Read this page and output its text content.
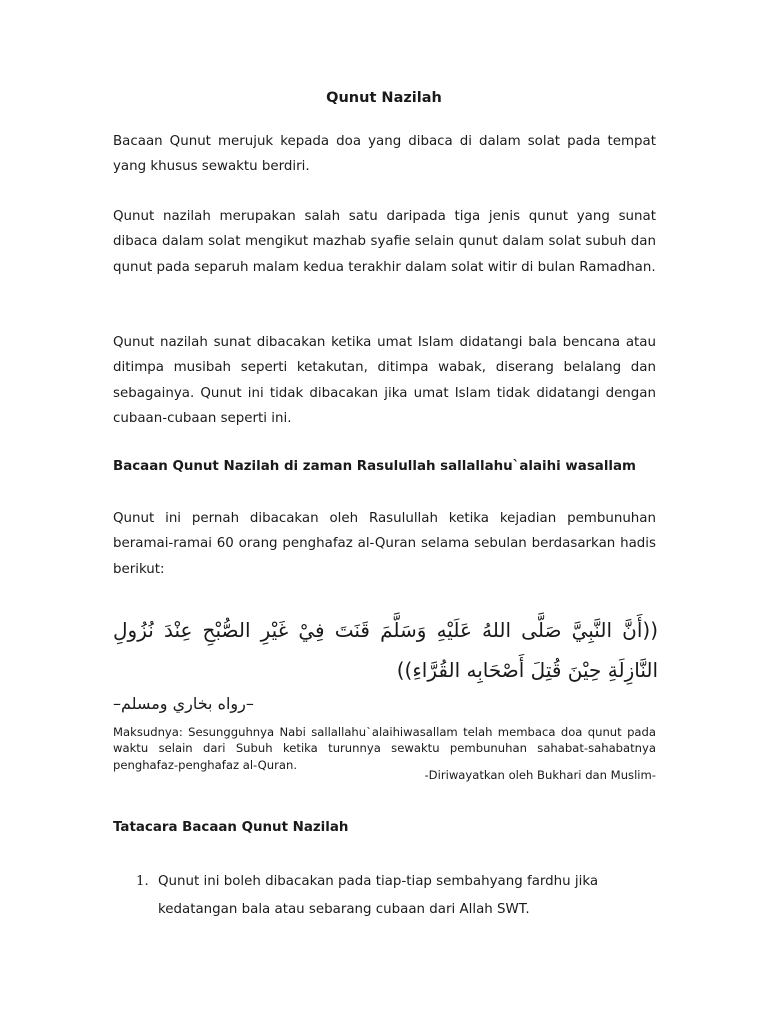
Qunut Nazilah

Bacaan Qunut merujuk kepada doa yang dibaca di dalam solat pada tempat yang khusus sewaktu berdiri.

Qunut nazilah merupakan salah satu daripada tiga jenis qunut yang sunat dibaca dalam solat mengikut mazhab syafie selain qunut dalam solat subuh dan qunut pada separuh malam kedua terakhir dalam solat witir di bulan Ramadhan.

Qunut nazilah sunat dibacakan ketika umat Islam didatangi bala bencana atau ditimpa musibah seperti ketakutan, ditimpa wabak, diserang belalang dan sebagainya. Qunut ini tidak dibacakan jika umat Islam tidak didatangi dengan cubaan-cubaan seperti ini.

Bacaan Qunut Nazilah di zaman Rasulullah sallallahu`alaihi wasallam

Qunut ini pernah dibacakan oleh Rasulullah ketika kejadian pembunuhan beramai-ramai 60 orang penghafaz al-Quran selama sebulan berdasarkan hadis berikut:

((أَنَّ النَّبِيَّ صَلَّى اللهُ عَلَيْهِ وَسَلَّمَ قَنَتَ فِيْ غَيْرِ الصُّبْحِ عِنْدَ نُزُولِ النَّازِلَةِ حِيْنَ قُتِلَ أَصْحَابِه القُرَّاءِ))

–رواه بخاري ومسلم–

Maksudnya: Sesungguhnya Nabi sallallahu`alaihiwasallam telah membaca doa qunut pada waktu selain dari Subuh ketika turunnya sewaktu pembunuhan sahabat-sahabatnya penghafaz-penghafaz al-Quran.

-Diriwayatkan oleh Bukhari dan Muslim-

Tatacara Bacaan Qunut Nazilah

1. Qunut ini boleh dibacakan pada tiap-tiap sembahyang fardhu jika kedatangan bala atau sebarang cubaan dari Allah SWT.
